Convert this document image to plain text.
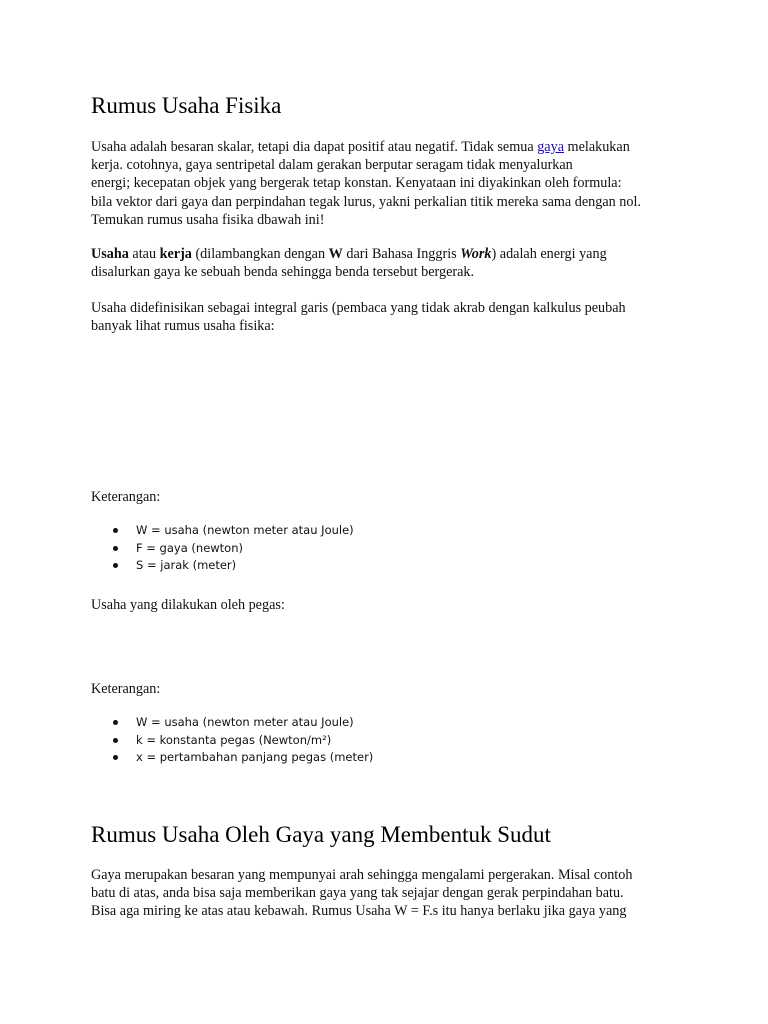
Rumus Usaha Fisika
Usaha adalah besaran skalar, tetapi dia dapat positif atau negatif. Tidak semua gaya melakukan
kerja. cotohnya, gaya sentripetal dalam gerakan berputar seragam tidak menyalurkan
energi; kecepatan objek yang bergerak tetap konstan. Kenyataan ini diyakinkan oleh formula:
bila vektor dari gaya dan perpindahan tegak lurus, yakni perkalian titik mereka sama dengan nol.
Temukan rumus usaha fisika dbawah ini!
Usaha atau kerja (dilambangkan dengan W dari Bahasa Inggris Work) adalah energi yang
disalurkan gaya ke sebuah benda sehingga benda tersebut bergerak.
Usaha didefinisikan sebagai integral garis (pembaca yang tidak akrab dengan kalkulus peubah
banyak lihat rumus usaha fisika:
Keterangan:
W = usaha (newton meter atau Joule)
F = gaya (newton)
S = jarak (meter)
Usaha yang dilakukan oleh pegas:
Keterangan:
W = usaha (newton meter atau Joule)
k = konstanta pegas (Newton/m²)
x = pertambahan panjang pegas (meter)
Rumus Usaha Oleh Gaya yang Membentuk Sudut
Gaya merupakan besaran yang mempunyai arah sehingga mengalami pergerakan. Misal contoh
batu di atas, anda bisa saja memberikan gaya yang tak sejajar dengan gerak perpindahan batu.
Bisa aga miring ke atas atau kebawah. Rumus Usaha W = F.s itu hanya berlaku jika gaya yang
